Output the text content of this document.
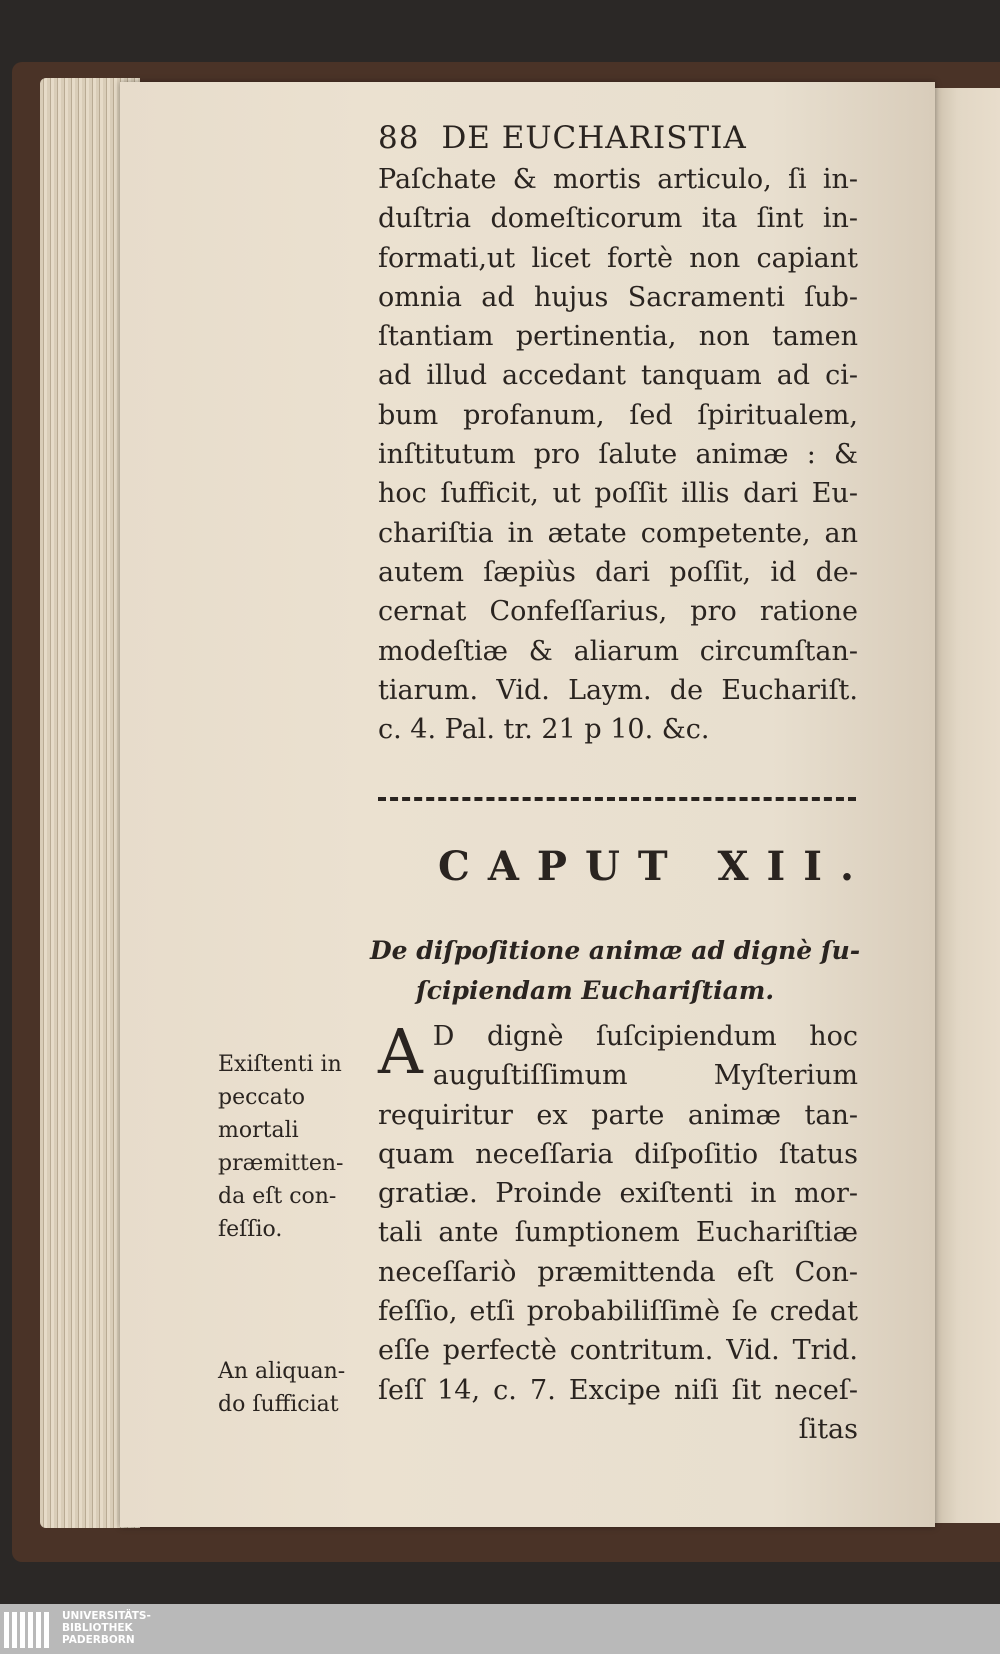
88 DE EUCHARISTIA
Paſchate & mortis articulo, ſi in-
duſtria domeſticorum ita ſint in-
formati,ut licet fortè non capiant
omnia ad hujus Sacramenti ſub-
ſtantiam pertinentia, non tamen
ad illud accedant tanquam ad ci-
bum profanum, ſed ſpiritualem,
inſtitutum pro ſalute animæ : &
hoc ſufficit, ut poſſit illis dari Eu-
chariſtia in ætate competente, an
autem ſæpiùs dari poſſit, id de-
cernat Confeſſarius, pro ratione
modeſtiæ & aliarum circumſtan-
tiarum. Vid. Laym. de Euchariſt.
c. 4. Pal. tr. 21 p 10. &c.
CAPUT XII.
De diſpoſitione animæ ad dignè ſu-
ſcipiendam Euchariſtiam.
A D dignè ſuſcipiendum hoc
auguſtiſſimum Myſterium
requiritur ex parte animæ tan-
quam neceſſaria diſpoſitio ſtatus
gratiæ. Proinde exiſtenti in mor-
tali ante ſumptionem Euchariſtiæ
neceſſariò præmittenda eſt Con-
feſſio, etſi probabiliſſimè ſe credat
eſſe perfectè contritum. Vid. Trid.
ſeſſ 14, c. 7. Excipe niſi ſit neceſ-
ſitas
Exiſtenti in
peccato
mortali
præmitten-
da eſt con-
feſſio.
An aliquan-
do ſufficiat
UNIVERSITÄTS-
BIBLIOTHEK
PADERBORN
